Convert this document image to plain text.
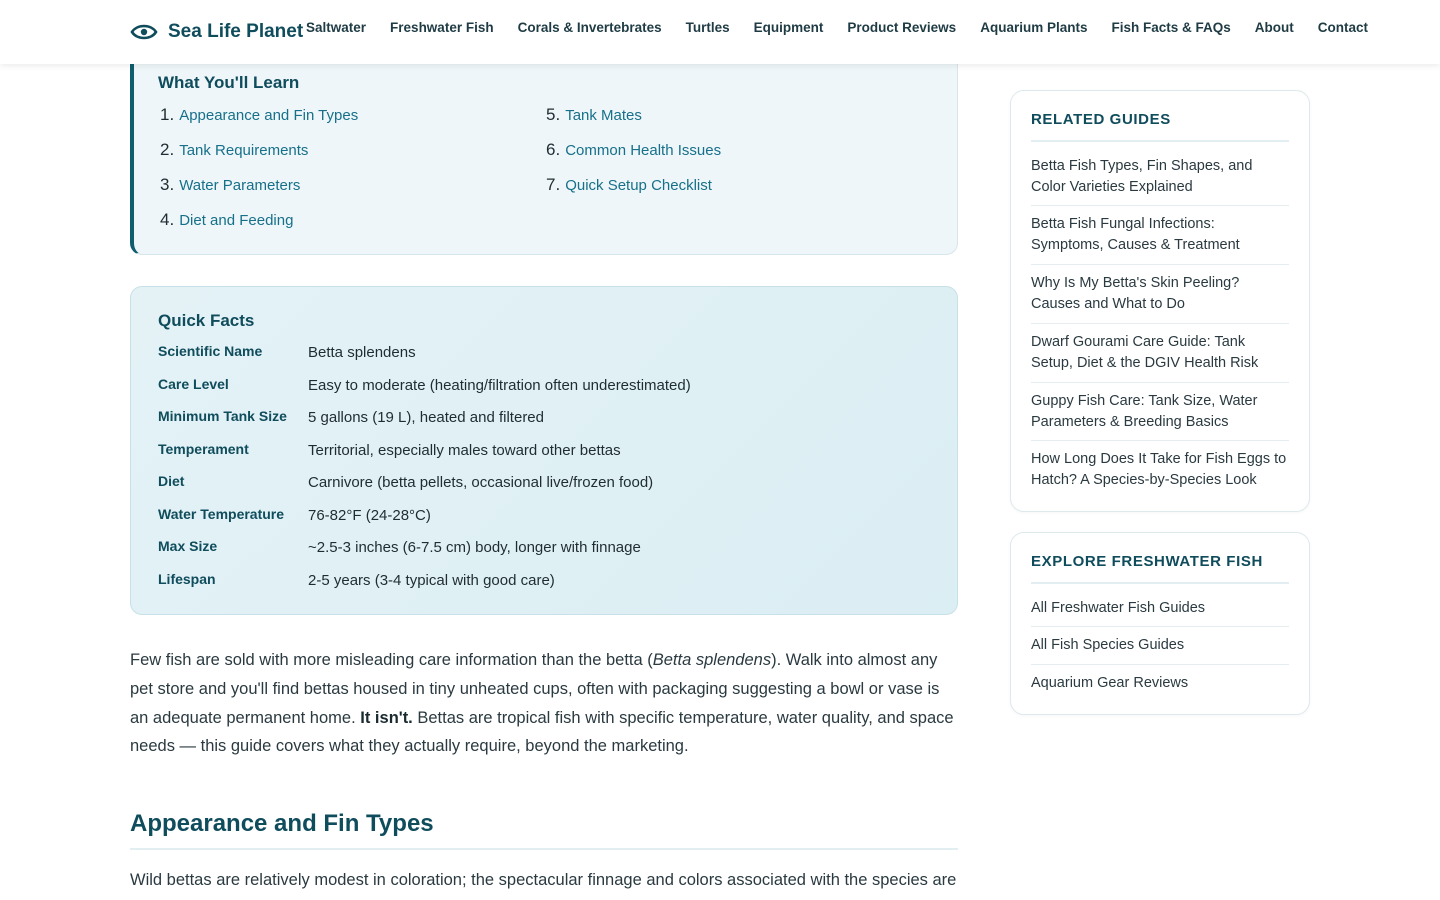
Sea Life Planet Saltwater Freshwater Fish Corals & Invertebrates Turtles Equipment Product Reviews Aquarium Plants Fish Facts & FAQs About Contact
What You'll Learn
1. Appearance and Fin Types
2. Tank Requirements
3. Water Parameters
4. Diet and Feeding
5. Tank Mates
6. Common Health Issues
7. Quick Setup Checklist
Quick Facts
Scientific Name	Betta splendens
Care Level	Easy to moderate (heating/filtration often underestimated)
Minimum Tank Size 5 gallons (19 L), heated and filtered
Temperament	Territorial, especially males toward other bettas
Diet	Carnivore (betta pellets, occasional live/frozen food)
Water Temperature 76-82°F (24-28°C)
Max Size	~2.5-3 inches (6-7.5 cm) body, longer with finnage
Lifespan	2-5 years (3-4 typical with good care)

Few fish are sold with more misleading care information than the betta (Betta splendens). Walk into almost any pet store and you'll find bettas housed in tiny unheated cups, often with packaging suggesting a bowl or vase is an adequate permanent home. It isn't. Bettas are tropical fish with specific temperature, water quality, and space needs — this guide covers what they actually require, beyond the marketing.

Appearance and Fin Types

Wild bettas are relatively modest in coloration; the spectacular finnage and colors associated with the species are

RELATED GUIDES
Betta Fish Types, Fin Shapes, and Color Varieties Explained
Betta Fish Fungal Infections: Symptoms, Causes & Treatment
Why Is My Betta's Skin Peeling? Causes and What to Do
Dwarf Gourami Care Guide: Tank Setup, Diet & the DGIV Health Risk
Guppy Fish Care: Tank Size, Water Parameters & Breeding Basics
How Long Does It Take for Fish Eggs to Hatch? A Species-by-Species Look
EXPLORE FRESHWATER FISH
All Freshwater Fish Guides
All Fish Species Guides
Aquarium Gear Reviews
